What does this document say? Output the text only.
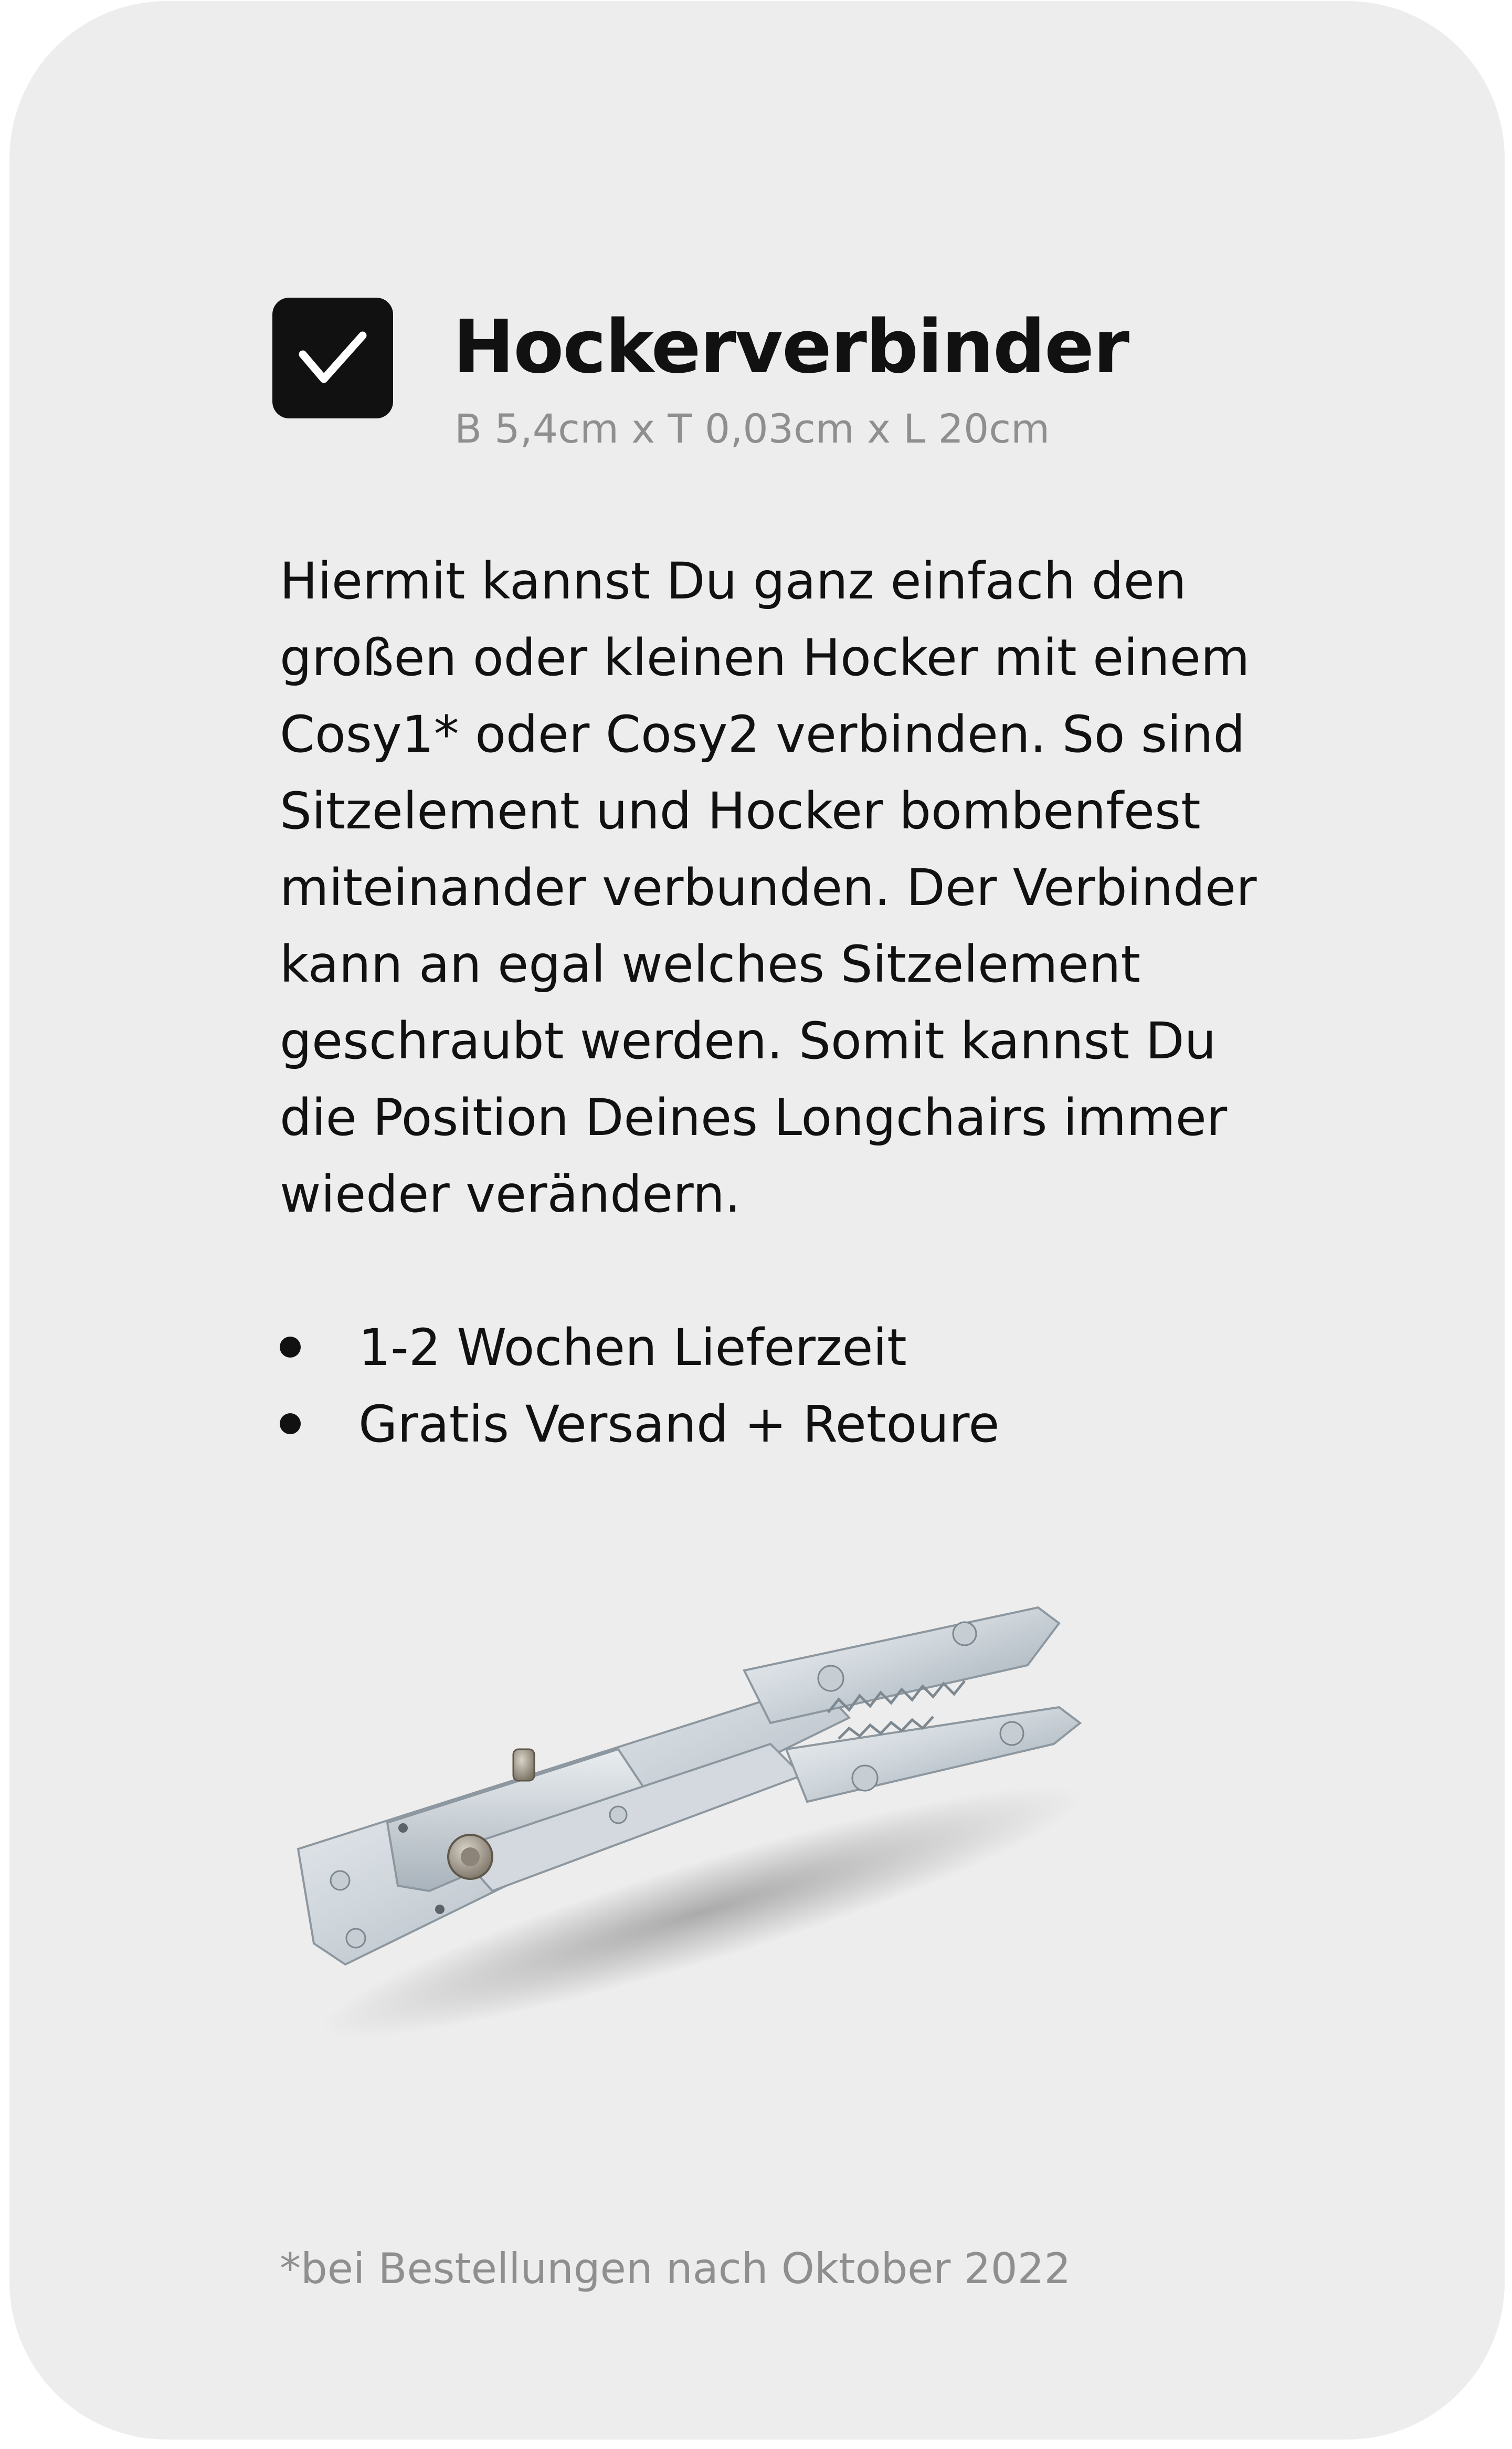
Hockerverbinder
B 5,4cm x T 0,03cm x L 20cm

Hiermit kannst Du ganz einfach den
großen oder kleinen Hocker mit einem
Cosy1* oder Cosy2 verbinden. So sind
Sitzelement und Hocker bombenfest
miteinander verbunden. Der Verbinder
kann an egal welches Sitzelement
geschraubt werden. Somit kannst Du
die Position Deines Longchairs immer
wieder verändern.

1-2 Wochen Lieferzeit
Gratis Versand + Retoure
*bei Bestellungen nach Oktober 2022
